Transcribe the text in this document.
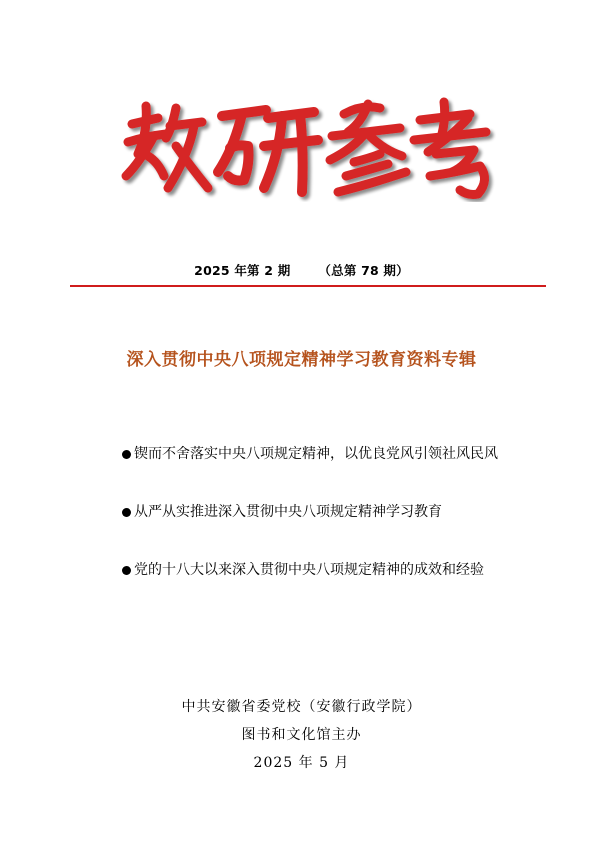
2025 年第 2 期 （总第 78 期）
深入贯彻中央八项规定精神学习教育资料专辑
锲而不舍落实中央八项规定精神，以优良党风引领社风民风
从严从实推进深入贯彻中央八项规定精神学习教育
党的十八大以来深入贯彻中央八项规定精神的成效和经验
中共安徽省委党校（安徽行政学院）
图书和文化馆主办
2025 年 5 月
